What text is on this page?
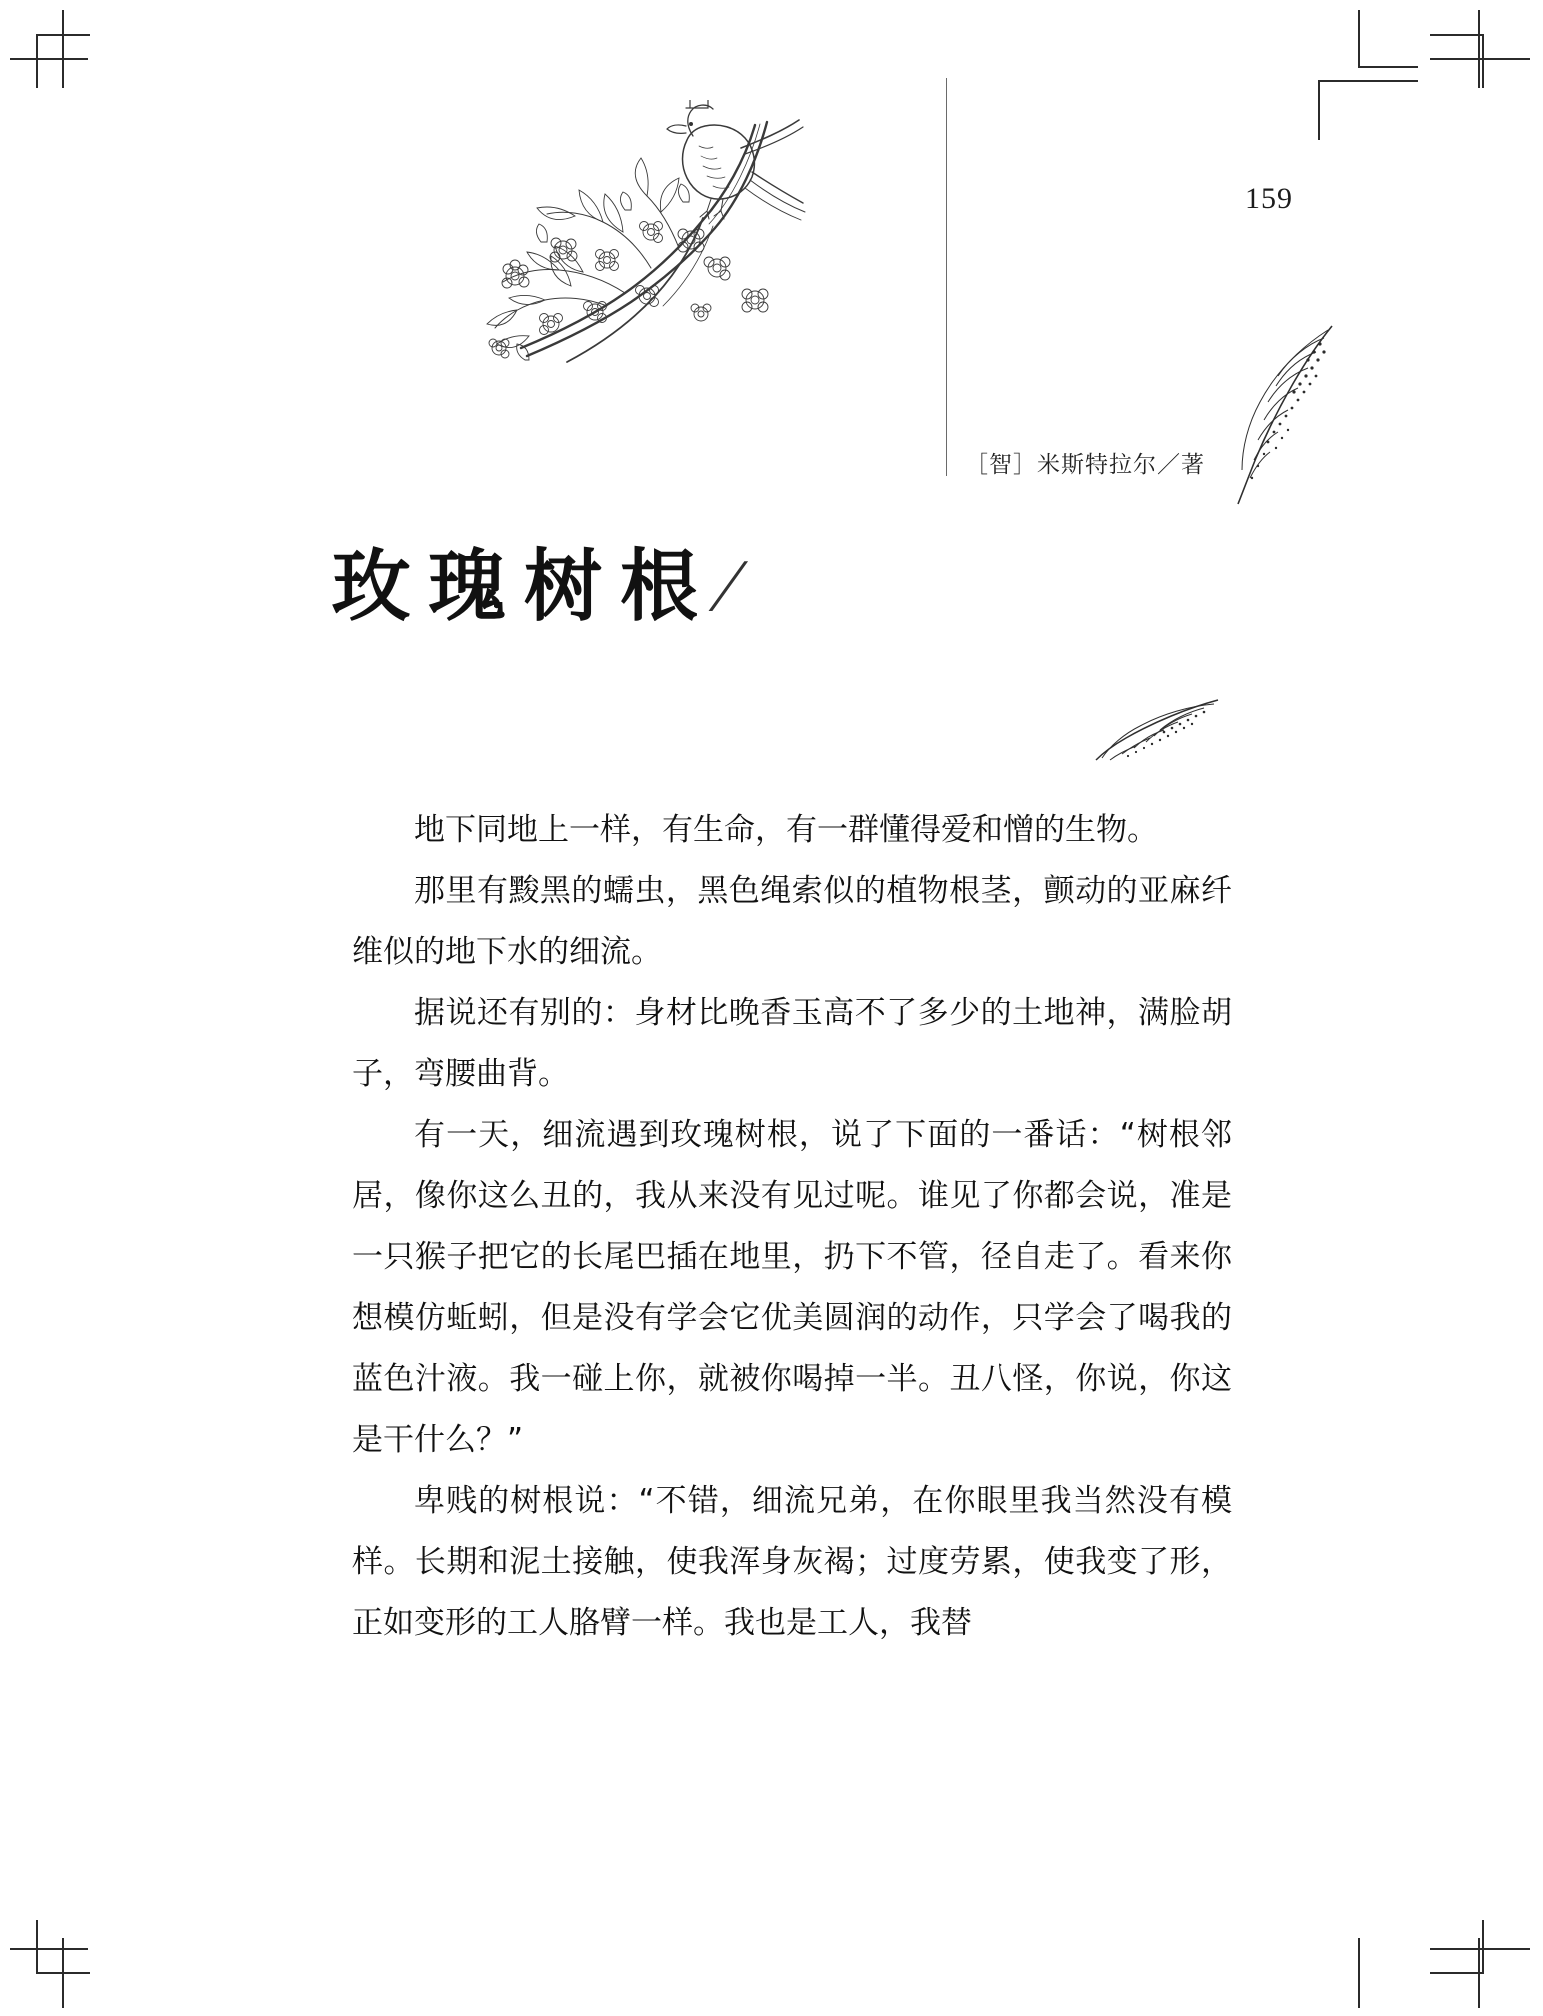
159
［智］米斯特拉尔／著
玫瑰树根 ∕

地下同地上一样，有生命，有一群懂得爱和憎的生物。

那里有黢黑的蠕虫，黑色绳索似的植物根茎，颤动的亚麻纤维似的地下水的细流。

据说还有别的：身材比晚香玉高不了多少的土地神，满脸胡子，弯腰曲背。

有一天，细流遇到玫瑰树根，说了下面的一番话：“树根邻居，像你这么丑的，我从来没有见过呢。谁见了你都会说，准是一只猴子把它的长尾巴插在地里，扔下不管，径自走了。看来你想模仿蚯蚓，但是没有学会它优美圆润的动作，只学会了喝我的蓝色汁液。我一碰上你，就被你喝掉一半。丑八怪，你说，你这是干什么？”

卑贱的树根说：“不错，细流兄弟，在你眼里我当然没有模样。长期和泥土接触，使我浑身灰褐；过度劳累，使我变了形，正如变形的工人胳臂一样。我也是工人，我替
